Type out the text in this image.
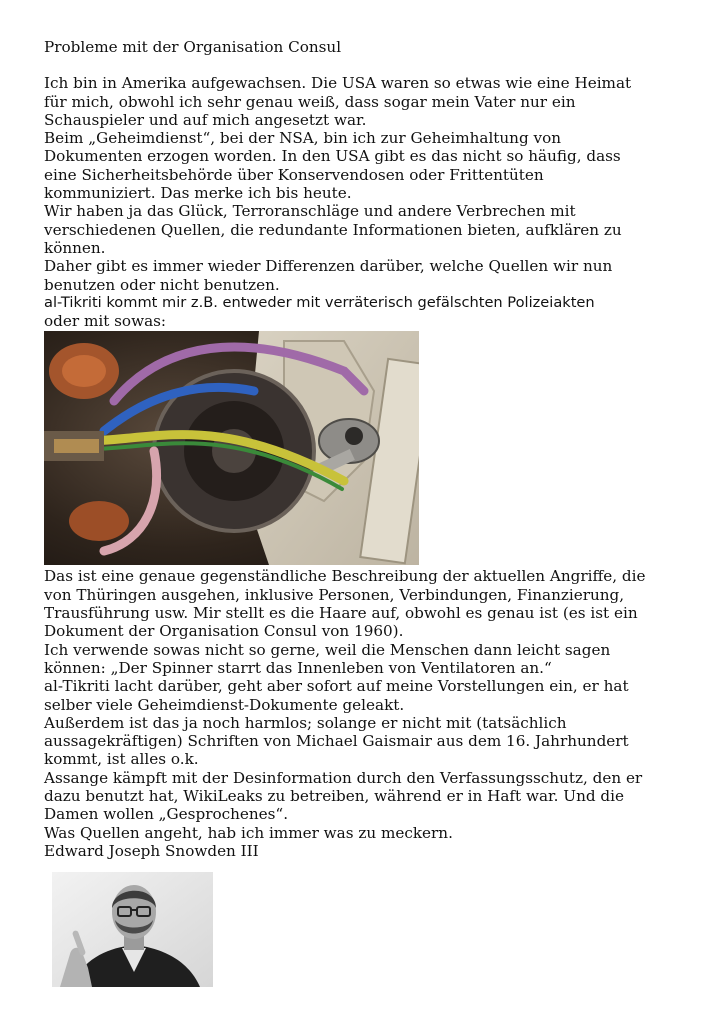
Probleme mit der Organisation Consul

Ich bin in Amerika aufgewachsen. Die USA waren so etwas wie eine Heimat

für mich, obwohl ich sehr genau weiß, dass sogar mein Vater nur ein

Schauspieler und auf mich angesetzt war.

Beim „Geheimdienst“, bei der NSA, bin ich zur Geheimhaltung von

Dokumenten erzogen worden. In den USA gibt es das nicht so häufig, dass

eine Sicherheitsbehörde über Konservendosen oder Frittentüten

kommuniziert. Das merke ich bis heute.

Wir haben ja das Glück, Terroranschläge und andere Verbrechen mit

verschiedenen Quellen, die redundante Informationen bieten, aufklären zu

können.

Daher gibt es immer wieder Differenzen darüber, welche Quellen wir nun

benutzen oder nicht benutzen.

al-Tikriti kommt mir z.B. entweder mit verräterisch gefälschten Polizeiakten

oder mit sowas:

Das ist eine genaue gegenständliche Beschreibung der aktuellen Angriffe, die

von Thüringen ausgehen, inklusive Personen, Verbindungen, Finanzierung,

Trausführung usw. Mir stellt es die Haare auf, obwohl es genau ist (es ist ein

Dokument der Organisation Consul von 1960).

Ich verwende sowas nicht so gerne, weil die Menschen dann leicht sagen

können: „Der Spinner starrt das Innenleben von Ventilatoren an.“

al-Tikriti lacht darüber, geht aber sofort auf meine Vorstellungen ein, er hat

selber viele Geheimdienst-Dokumente geleakt.

Außerdem ist das ja noch harmlos; solange er nicht mit (tatsächlich

aussagekräftigen) Schriften von Michael Gaismair aus dem 16. Jahrhundert

kommt, ist alles o.k.

Assange kämpft mit der Desinformation durch den Verfassungsschutz, den er

dazu benutzt hat, WikiLeaks zu betreiben, während er in Haft war. Und die

Damen wollen „Gesprochenes“.

Was Quellen angeht, hab ich immer was zu meckern.

Edward Joseph Snowden III
